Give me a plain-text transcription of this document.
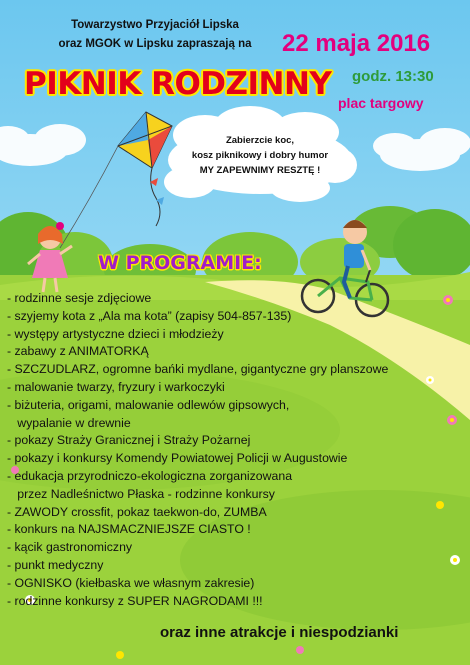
Towarzystwo Przyjaciół Lipska
oraz MGOK w Lipsku zapraszają na	22 maja 2016
PIKNIK RODZINNY godz. 13:30
plac targowy
Zabierzcie koc,
kosz piknikowy i dobry humor
MY ZAPEWNIMY RESZTĘ !
W PROGRAMIE:
- rodzinne sesje zdjęciowe
- szyjemy kota z „Ala ma kota” (zapisy 504-857-135)
- występy artystyczne dzieci i młodzieży
- zabawy z ANIMATORKĄ
- SZCZUDLARZ, ogromne bańki mydlane, gigantyczne gry planszowe
- malowanie twarzy, fryzury i warkoczyki
- biżuteria, origami, malowanie odlewów gipsowych,
wypalanie w drewnie
- pokazy Straży Granicznej i Straży Pożarnej
- pokazy i konkursy Komendy Powiatowej Policji w Augustowie
- edukacja przyrodniczo-ekologiczna zorganizowana
przez Nadleśnictwo Płaska - rodzinne konkursy
- ZAWODY crossfit, pokaz taekwon-do, ZUMBA
- konkurs na NAJSMACZNIEJSZE CIASTO !
- kącik gastronomiczny
- punkt medyczny
- OGNISKO (kiełbaska we własnym zakresie)
- rodzinne konkursy z SUPER NAGRODAMI !!!
oraz inne atrakcje i niespodzianki
